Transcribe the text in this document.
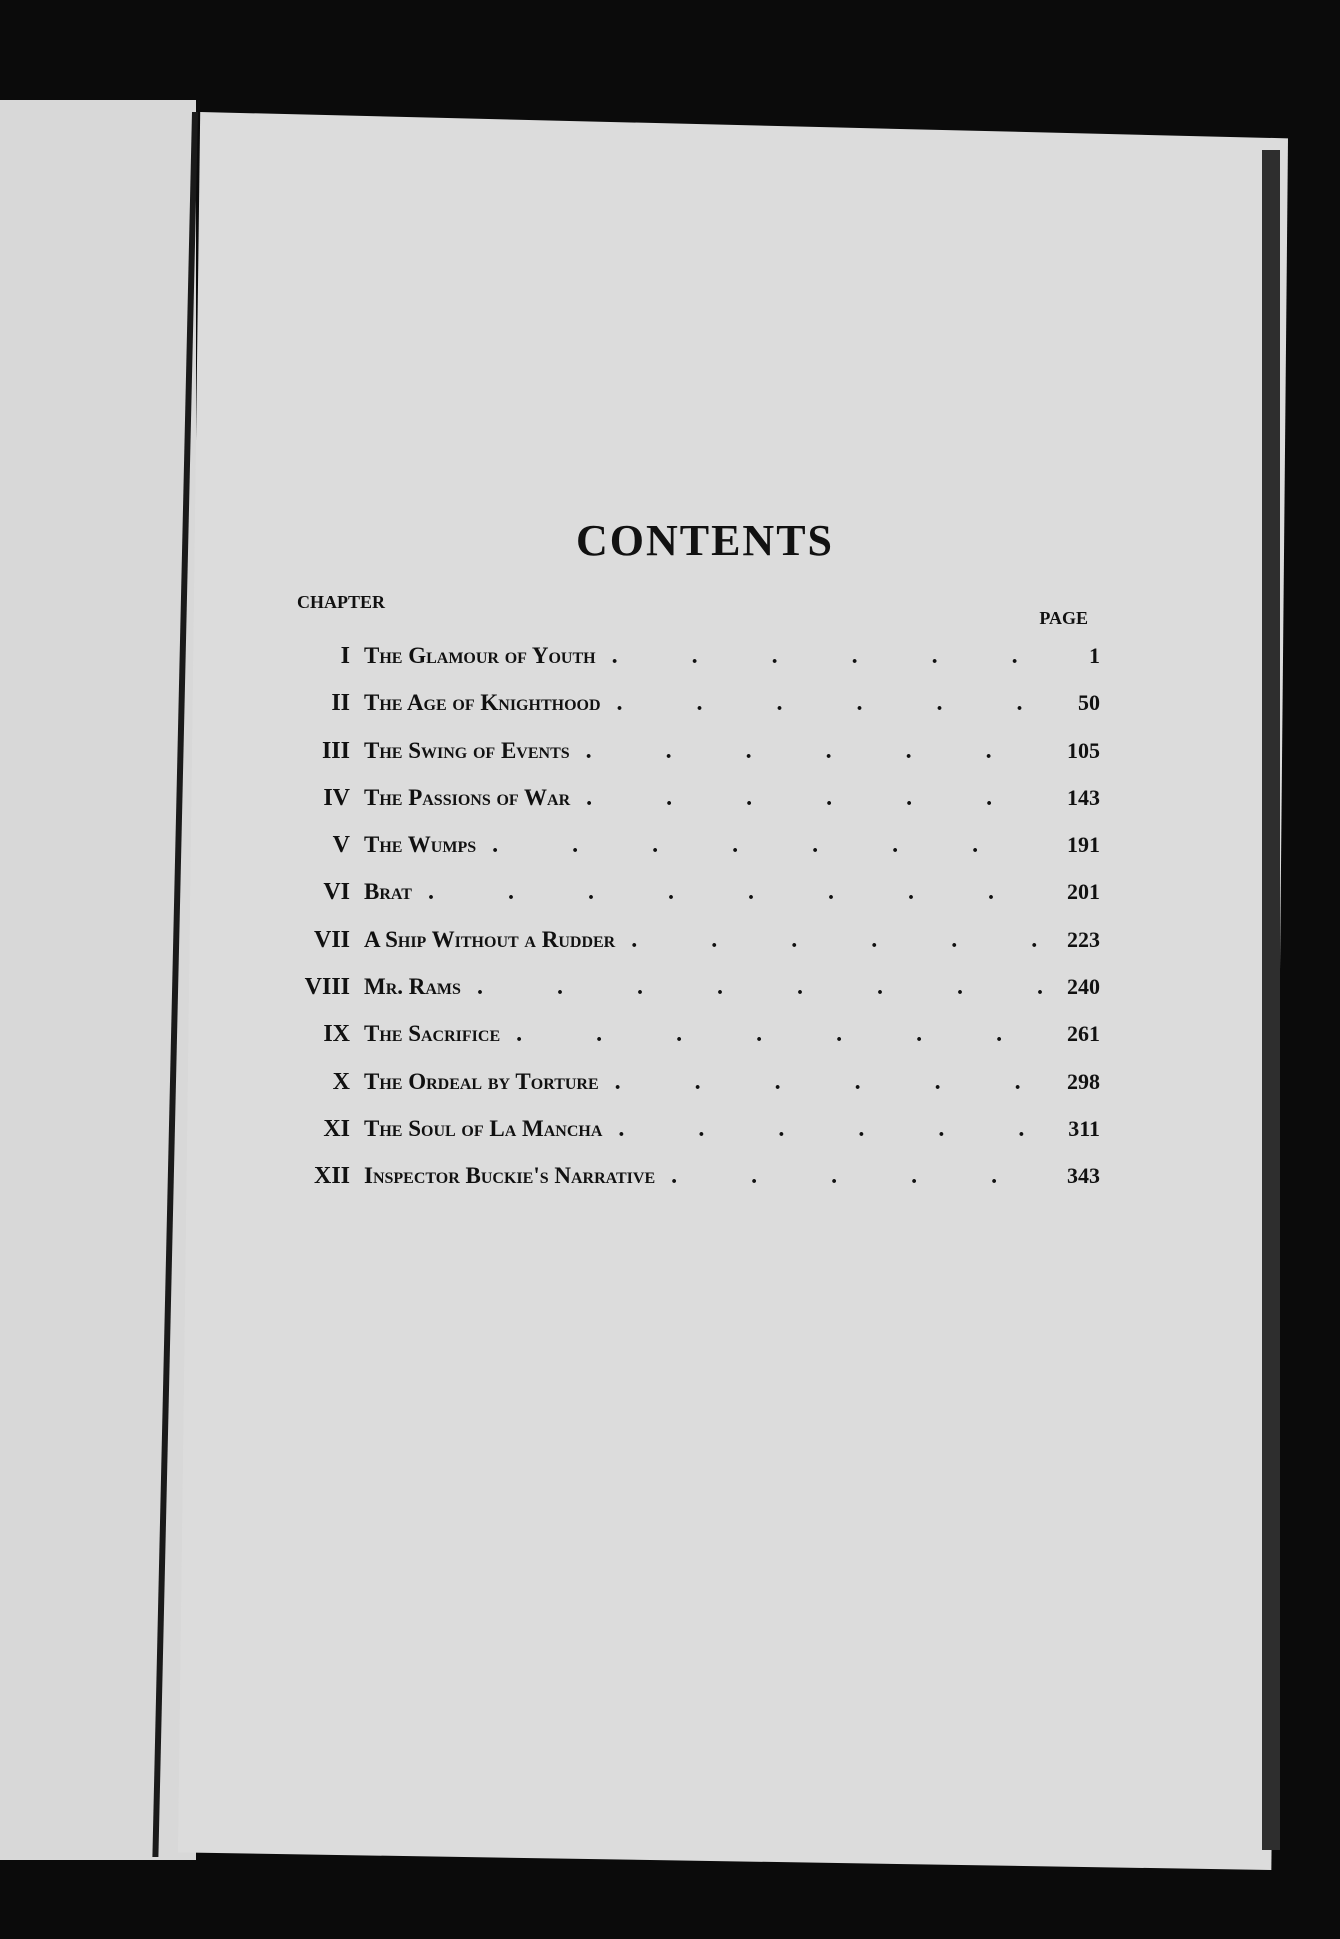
CONTENTS
CHAPTER
PAGE
I The Glamour of Youth . . .	1
II The Age of Knighthood . . .	50
III The Swing of Events . . .	105
IV The Passions of War . . .	143
V The Wumps . . .	191
VI Brat . . .	201
VII A Ship Without a Rudder . . .	223
VIII Mr. Rams . . .	240
IX The Sacrifice . . .	261
X The Ordeal by Torture . . .	298
XI The Soul of La Mancha . . .	311
XII Inspector Buckie's Narrative . . .	343
